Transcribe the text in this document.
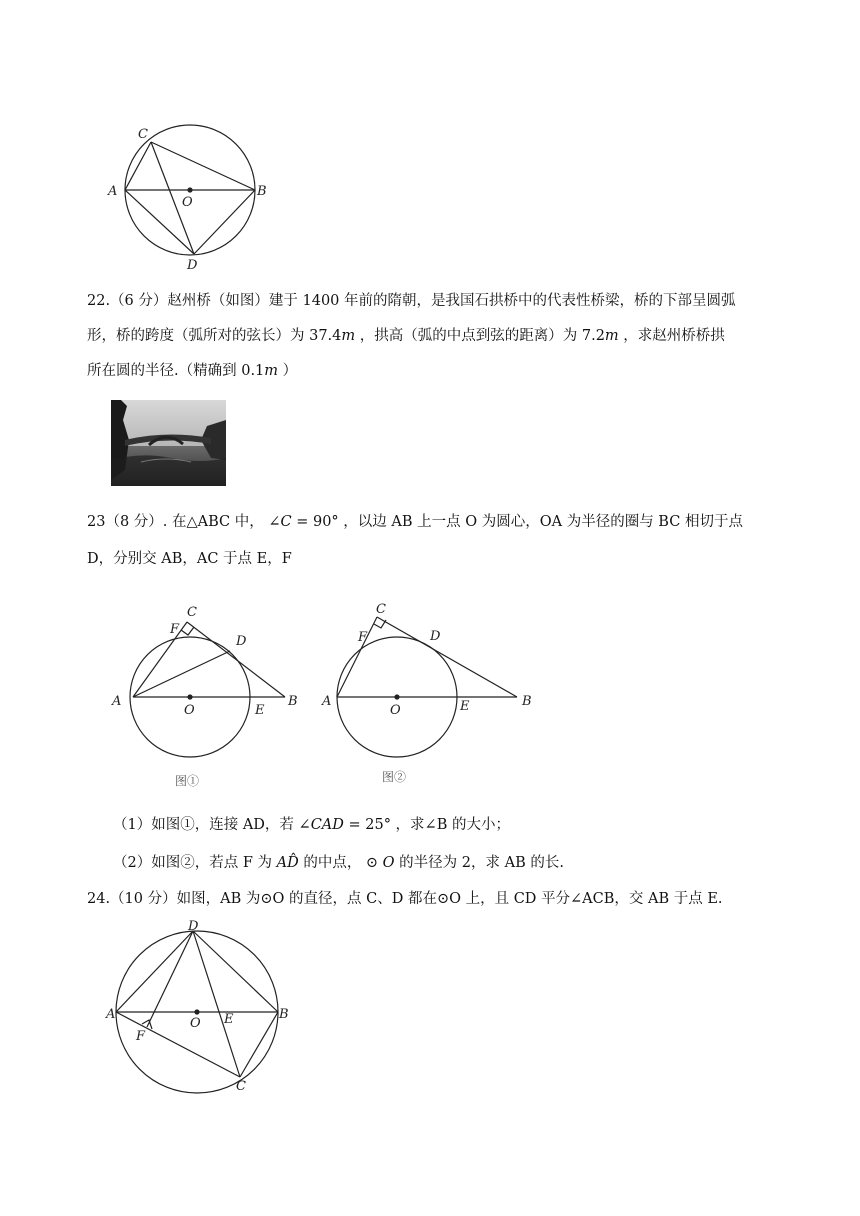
C
A
O
B
D
22.（6 分）赵州桥（如图）建于 1400 年前的隋朝，是我国石拱桥中的代表性桥梁，桥的下部呈圆弧
形，桥的跨度（弧所对的弦长）为 37.4𝑚 ，拱高（弧的中点到弦的距离）为 7.2𝑚 ，求赵州桥桥拱
所在圆的半径.（精确到 0.1𝑚 ）
23（8 分）. 在△ABC 中， ∠𝐶 = 90° ，以边 AB 上一点 O 为圆心，OA 为半径的圈与 BC 相切于点
D，分别交 AB，AC 于点 E，F
C
F
D
A
O	E
B
图①
C
F	D
A
O	E	B
图②
（1）如图①，连接 AD，若 ∠𝐶𝐴𝐷 = 25° ，求∠B 的大小；
（2）如图②，若点 F 为 𝐴𝐷̂ 的中点， ⊙ 𝑂 的半径为 2，求 AB 的长.
24.（10 分）如图，AB 为⊙O 的直径，点 C、D 都在⊙O 上，且 CD 平分∠ACB，交 AB 于点 E.
D
A
O E	B
F
C
